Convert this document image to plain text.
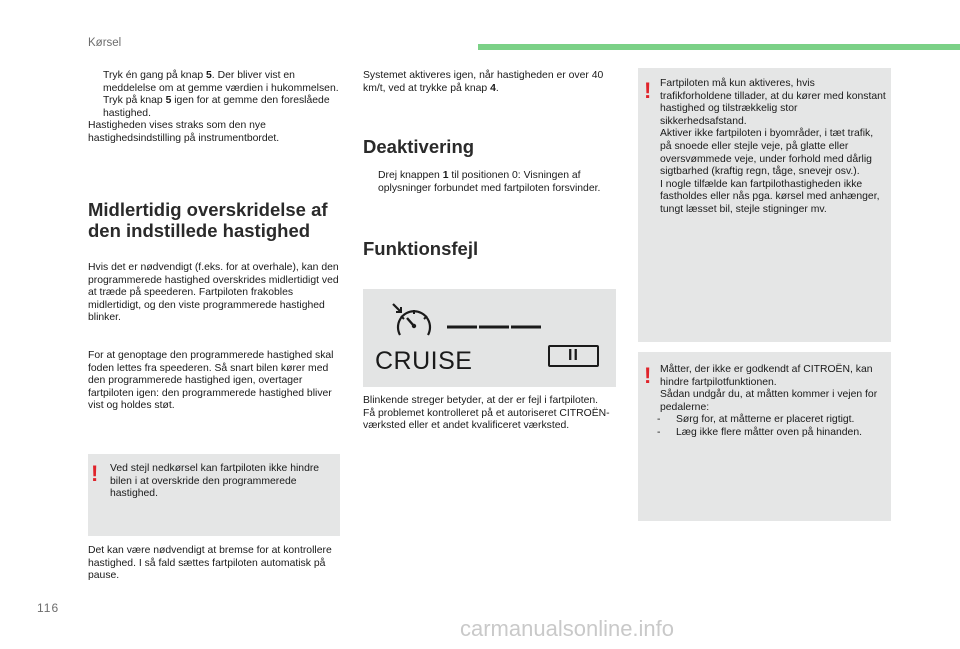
Kørsel
Tryk én gang på knap 5. Der bliver vist en meddelelse om at gemme værdien i hukommelsen.
Tryk på knap 5 igen for at gemme den foreslåede hastighed.
Hastigheden vises straks som den nye hastighedsindstilling på instrumentbordet.
Midlertidig overskridelse af den indstillede hastighed
Hvis det er nødvendigt (f.eks. for at overhale), kan den programmerede hastighed overskrides midlertidigt ved at træde på speederen. Fartpiloten frakobles midlertidigt, og den viste programmerede hastighed blinker.
For at genoptage den programmerede hastighed skal foden lettes fra speederen. Så snart bilen kører med den programmerede hastighed igen, overtager fartpiloten igen: den programmerede hastighed bliver vist og holdes støt.
! Ved stejl nedkørsel kan fartpiloten ikke hindre bilen i at overskride den programmerede hastighed.
Det kan være nødvendigt at bremse for at kontrollere hastighed. I så fald sættes fartpiloten automatisk på pause.
Systemet aktiveres igen, når hastigheden er over 40 km/t, ved at trykke på knap 4.
Deaktivering
Drej knappen 1 til positionen 0: Visningen af oplysninger forbundet med fartpiloten forsvinder.
Funktionsfejl
———
CRUISE	II
Blinkende streger betyder, at der er fejl i fartpiloten.
Få problemet kontrolleret på et autoriseret CITROËN-værksted eller et andet kvalificeret værksted.
! Fartpiloten må kun aktiveres, hvis trafikforholdene tillader, at du kører med konstant hastighed og tilstrækkelig stor sikkerhedsafstand.
Aktiver ikke fartpiloten i byområder, i tæt trafik, på snoede eller stejle veje, på glatte eller oversvømmede veje, under forhold med dårlig sigtbarhed (kraftig regn, tåge, snevejr osv.).
I nogle tilfælde kan fartpilothastigheden ikke fastholdes eller nås pga. kørsel med anhænger, tungt læsset bil, stejle stigninger mv.
! Måtter, der ikke er godkendt af CITROËN, kan hindre fartpilotfunktionen.
Sådan undgår du, at måtten kommer i vejen for pedalerne:
- Sørg for, at måtterne er placeret rigtigt.
- Læg ikke flere måtter oven på hinanden.
116
carmanualsonline.info
